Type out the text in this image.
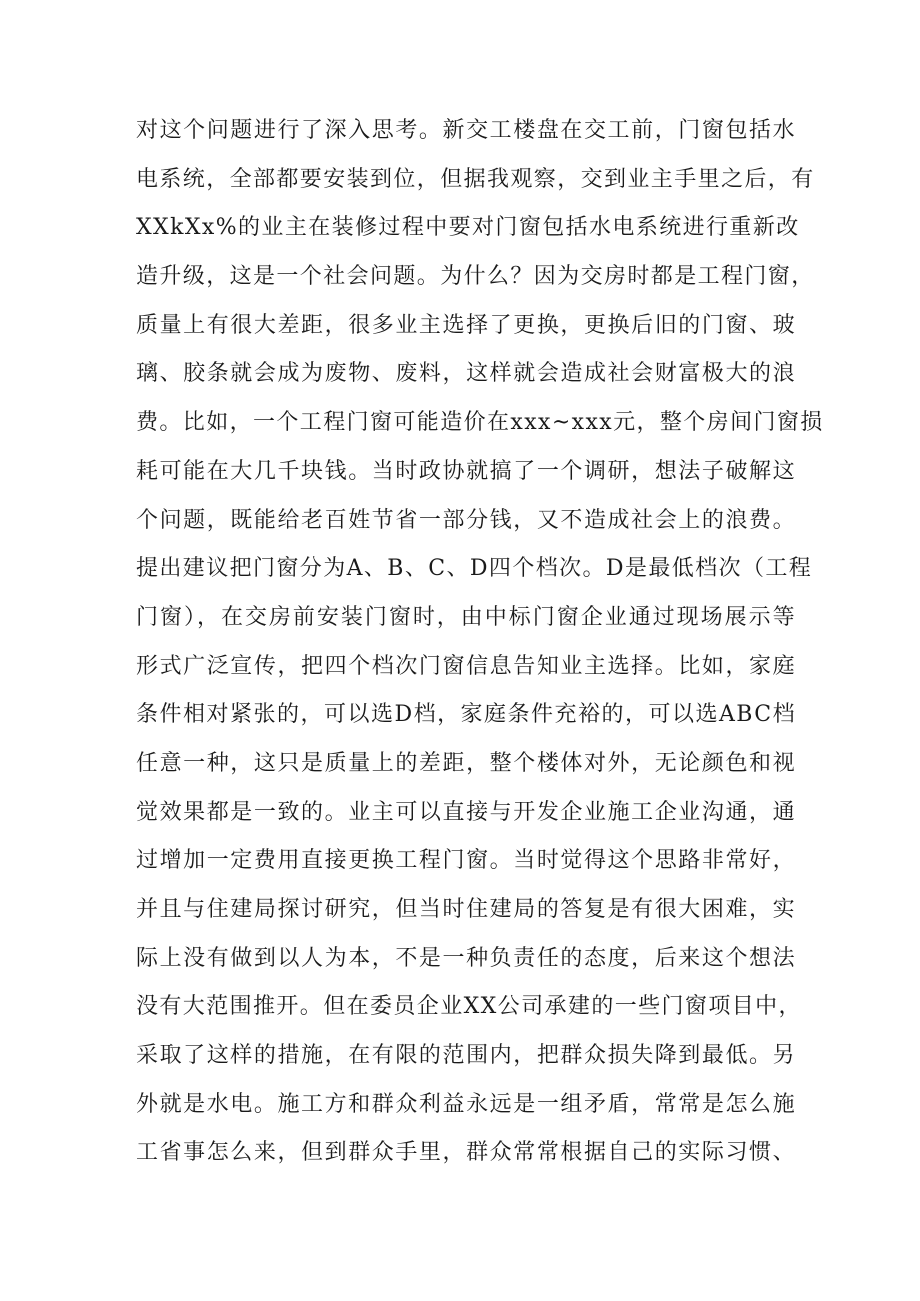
对这个问题进行了深入思考。新交工楼盘在交工前，门窗包括水
电系统，全部都要安装到位，但据我观察，交到业主手里之后，有
XXkXx%的业主在装修过程中要对门窗包括水电系统进行重新改
造升级，这是一个社会问题。为什么？因为交房时都是工程门窗，
质量上有很大差距，很多业主选择了更换，更换后旧的门窗、玻
璃、胶条就会成为废物、废料，这样就会造成社会财富极大的浪
费。比如，一个工程门窗可能造价在xxx~xxx元，整个房间门窗损
耗可能在大几千块钱。当时政协就搞了一个调研，想法子破解这
个问题，既能给老百姓节省一部分钱，又不造成社会上的浪费。
提出建议把门窗分为A、B、C、D四个档次。D是最低档次（工程
门窗），在交房前安装门窗时，由中标门窗企业通过现场展示等
形式广泛宣传，把四个档次门窗信息告知业主选择。比如，家庭
条件相对紧张的，可以选D档，家庭条件充裕的，可以选ABC档
任意一种，这只是质量上的差距，整个楼体对外，无论颜色和视
觉效果都是一致的。业主可以直接与开发企业施工企业沟通，通
过增加一定费用直接更换工程门窗。当时觉得这个思路非常好，
并且与住建局探讨研究，但当时住建局的答复是有很大困难，实
际上没有做到以人为本，不是一种负责任的态度，后来这个想法
没有大范围推开。但在委员企业XX公司承建的一些门窗项目中，
采取了这样的措施，在有限的范围内，把群众损失降到最低。另
外就是水电。施工方和群众利益永远是一组矛盾，常常是怎么施
工省事怎么来，但到群众手里，群众常常根据自己的实际习惯、
